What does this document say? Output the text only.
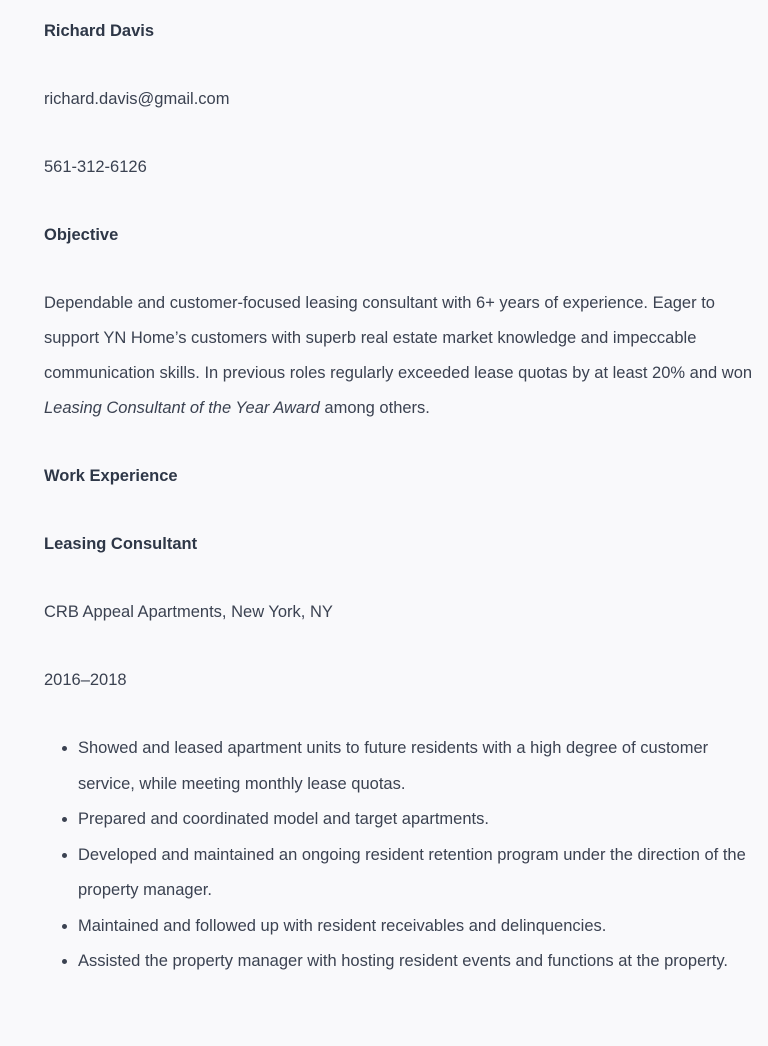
Richard Davis
richard.davis@gmail.com
561-312-6126
Objective
Dependable and customer-focused leasing consultant with 6+ years of experience. Eager to support YN Home’s customers with superb real estate market knowledge and impeccable communication skills. In previous roles regularly exceeded lease quotas by at least 20% and won Leasing Consultant of the Year Award among others.
Work Experience
Leasing Consultant
CRB Appeal Apartments, New York, NY
2016–2018
• Showed and leased apartment units to future residents with a high degree of customer service, while meeting monthly lease quotas.
• Prepared and coordinated model and target apartments.
• Developed and maintained an ongoing resident retention program under the direction of the property manager.
• Maintained and followed up with resident receivables and delinquencies.
• Assisted the property manager with hosting resident events and functions at the property.
